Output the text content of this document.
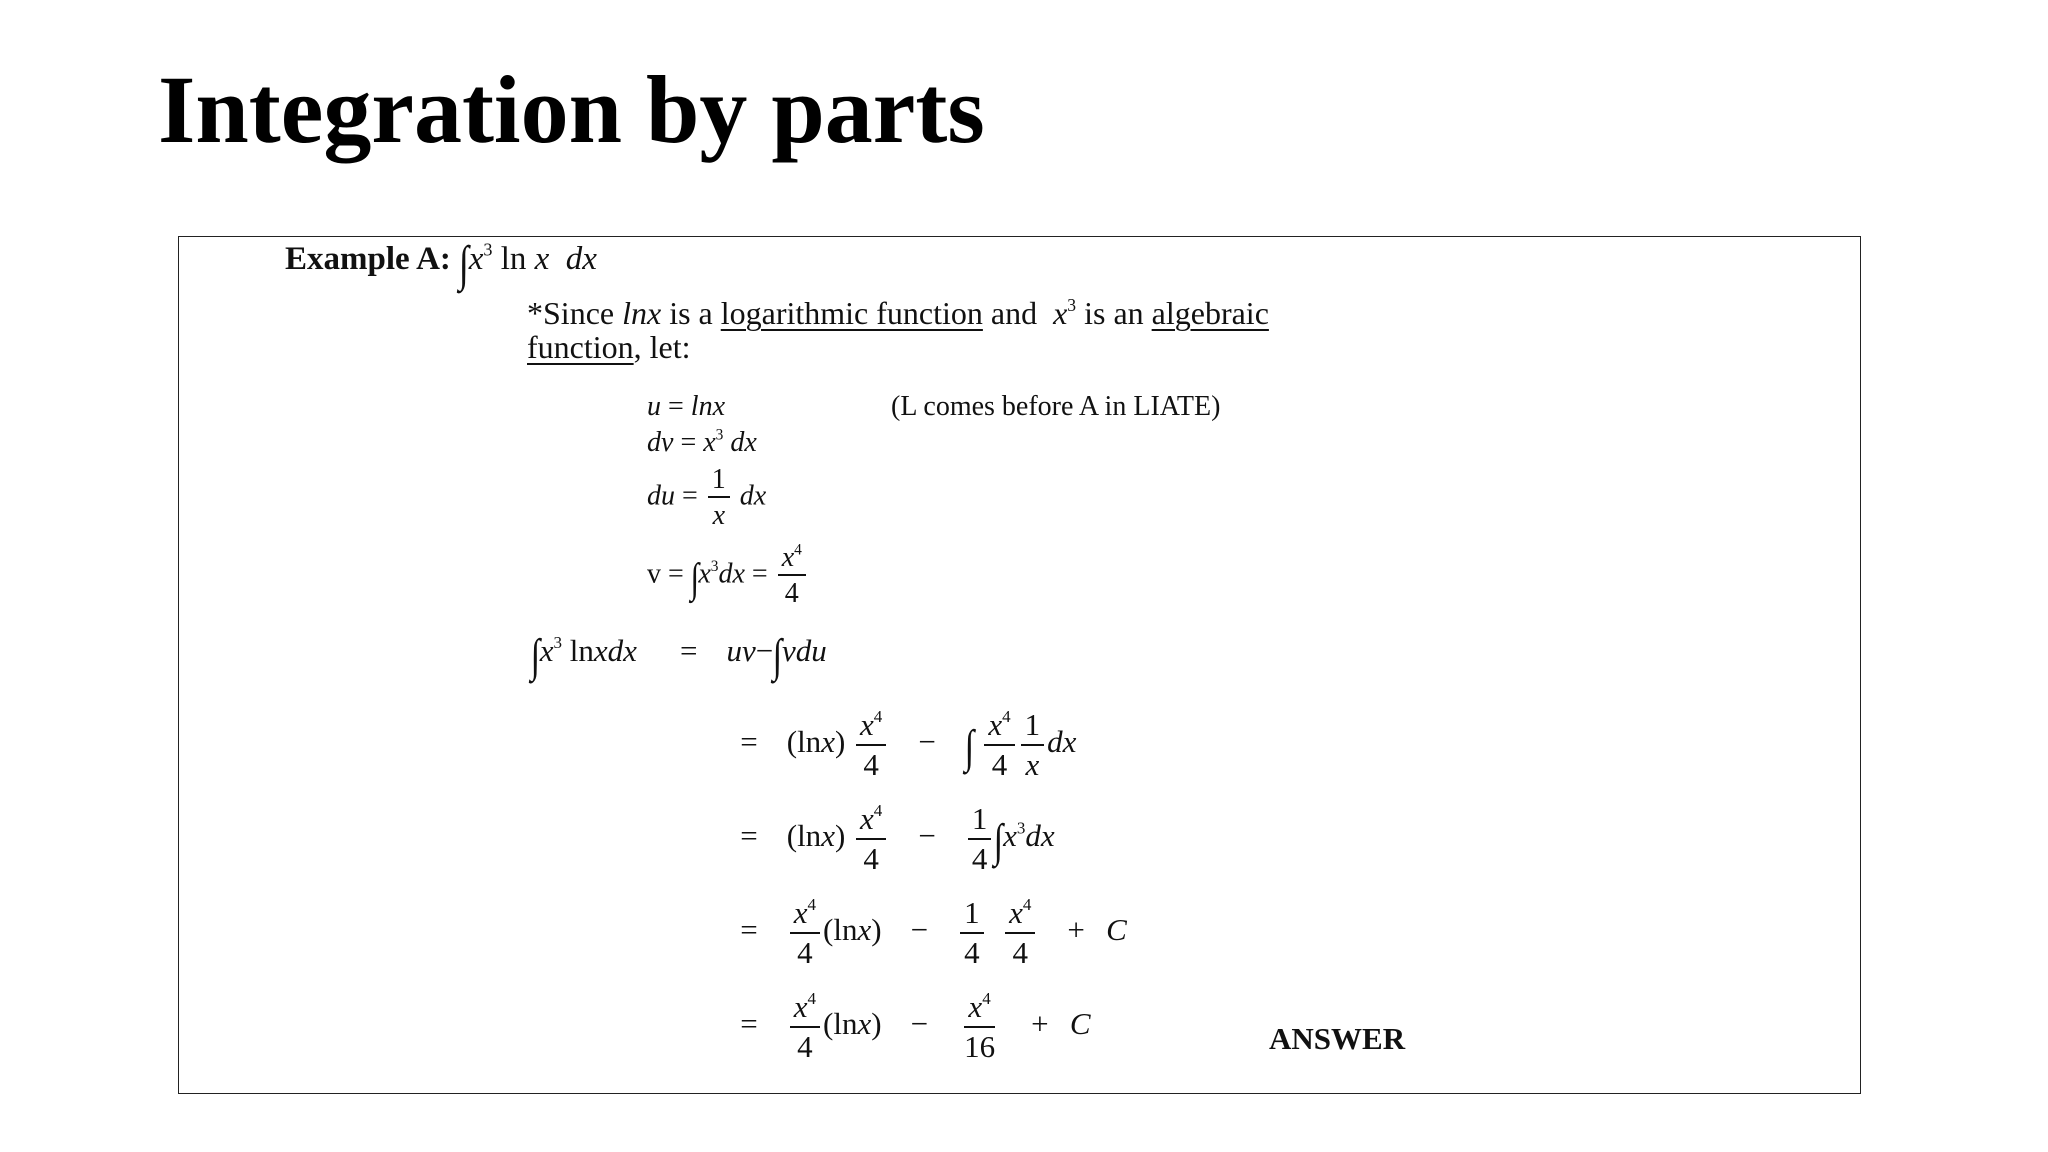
Integration by parts
Example A: $\int x^3$ ln x dx
*Since lnx is a logarithmic function and  $x^3$ is an algebraic
function, let:
u = lnx	(L comes before A in LIATE)
dv = $x^3$ dx
du = $\frac{1}{x}$ dx
$v = \int x^3dx = \frac{x^4}{4}$
$\int x^3$ lnxdx = uv−∫vdu
= $(\ln x) \frac{x^4}{4}$ − ∫ $\frac{x^4}{4} \frac{1}{x}$ dx
= $(\ln x) \frac{x^4}{4} - \frac{1}{4} \int x^3dx$
= $\frac{x^4}{4} (\ln x) - \frac{1}{4}$
$\frac{x^4}{4} + C$
= $\frac{x^4}{4} (\ln x) - \frac{x^4}{16} + C$	ANSWER
